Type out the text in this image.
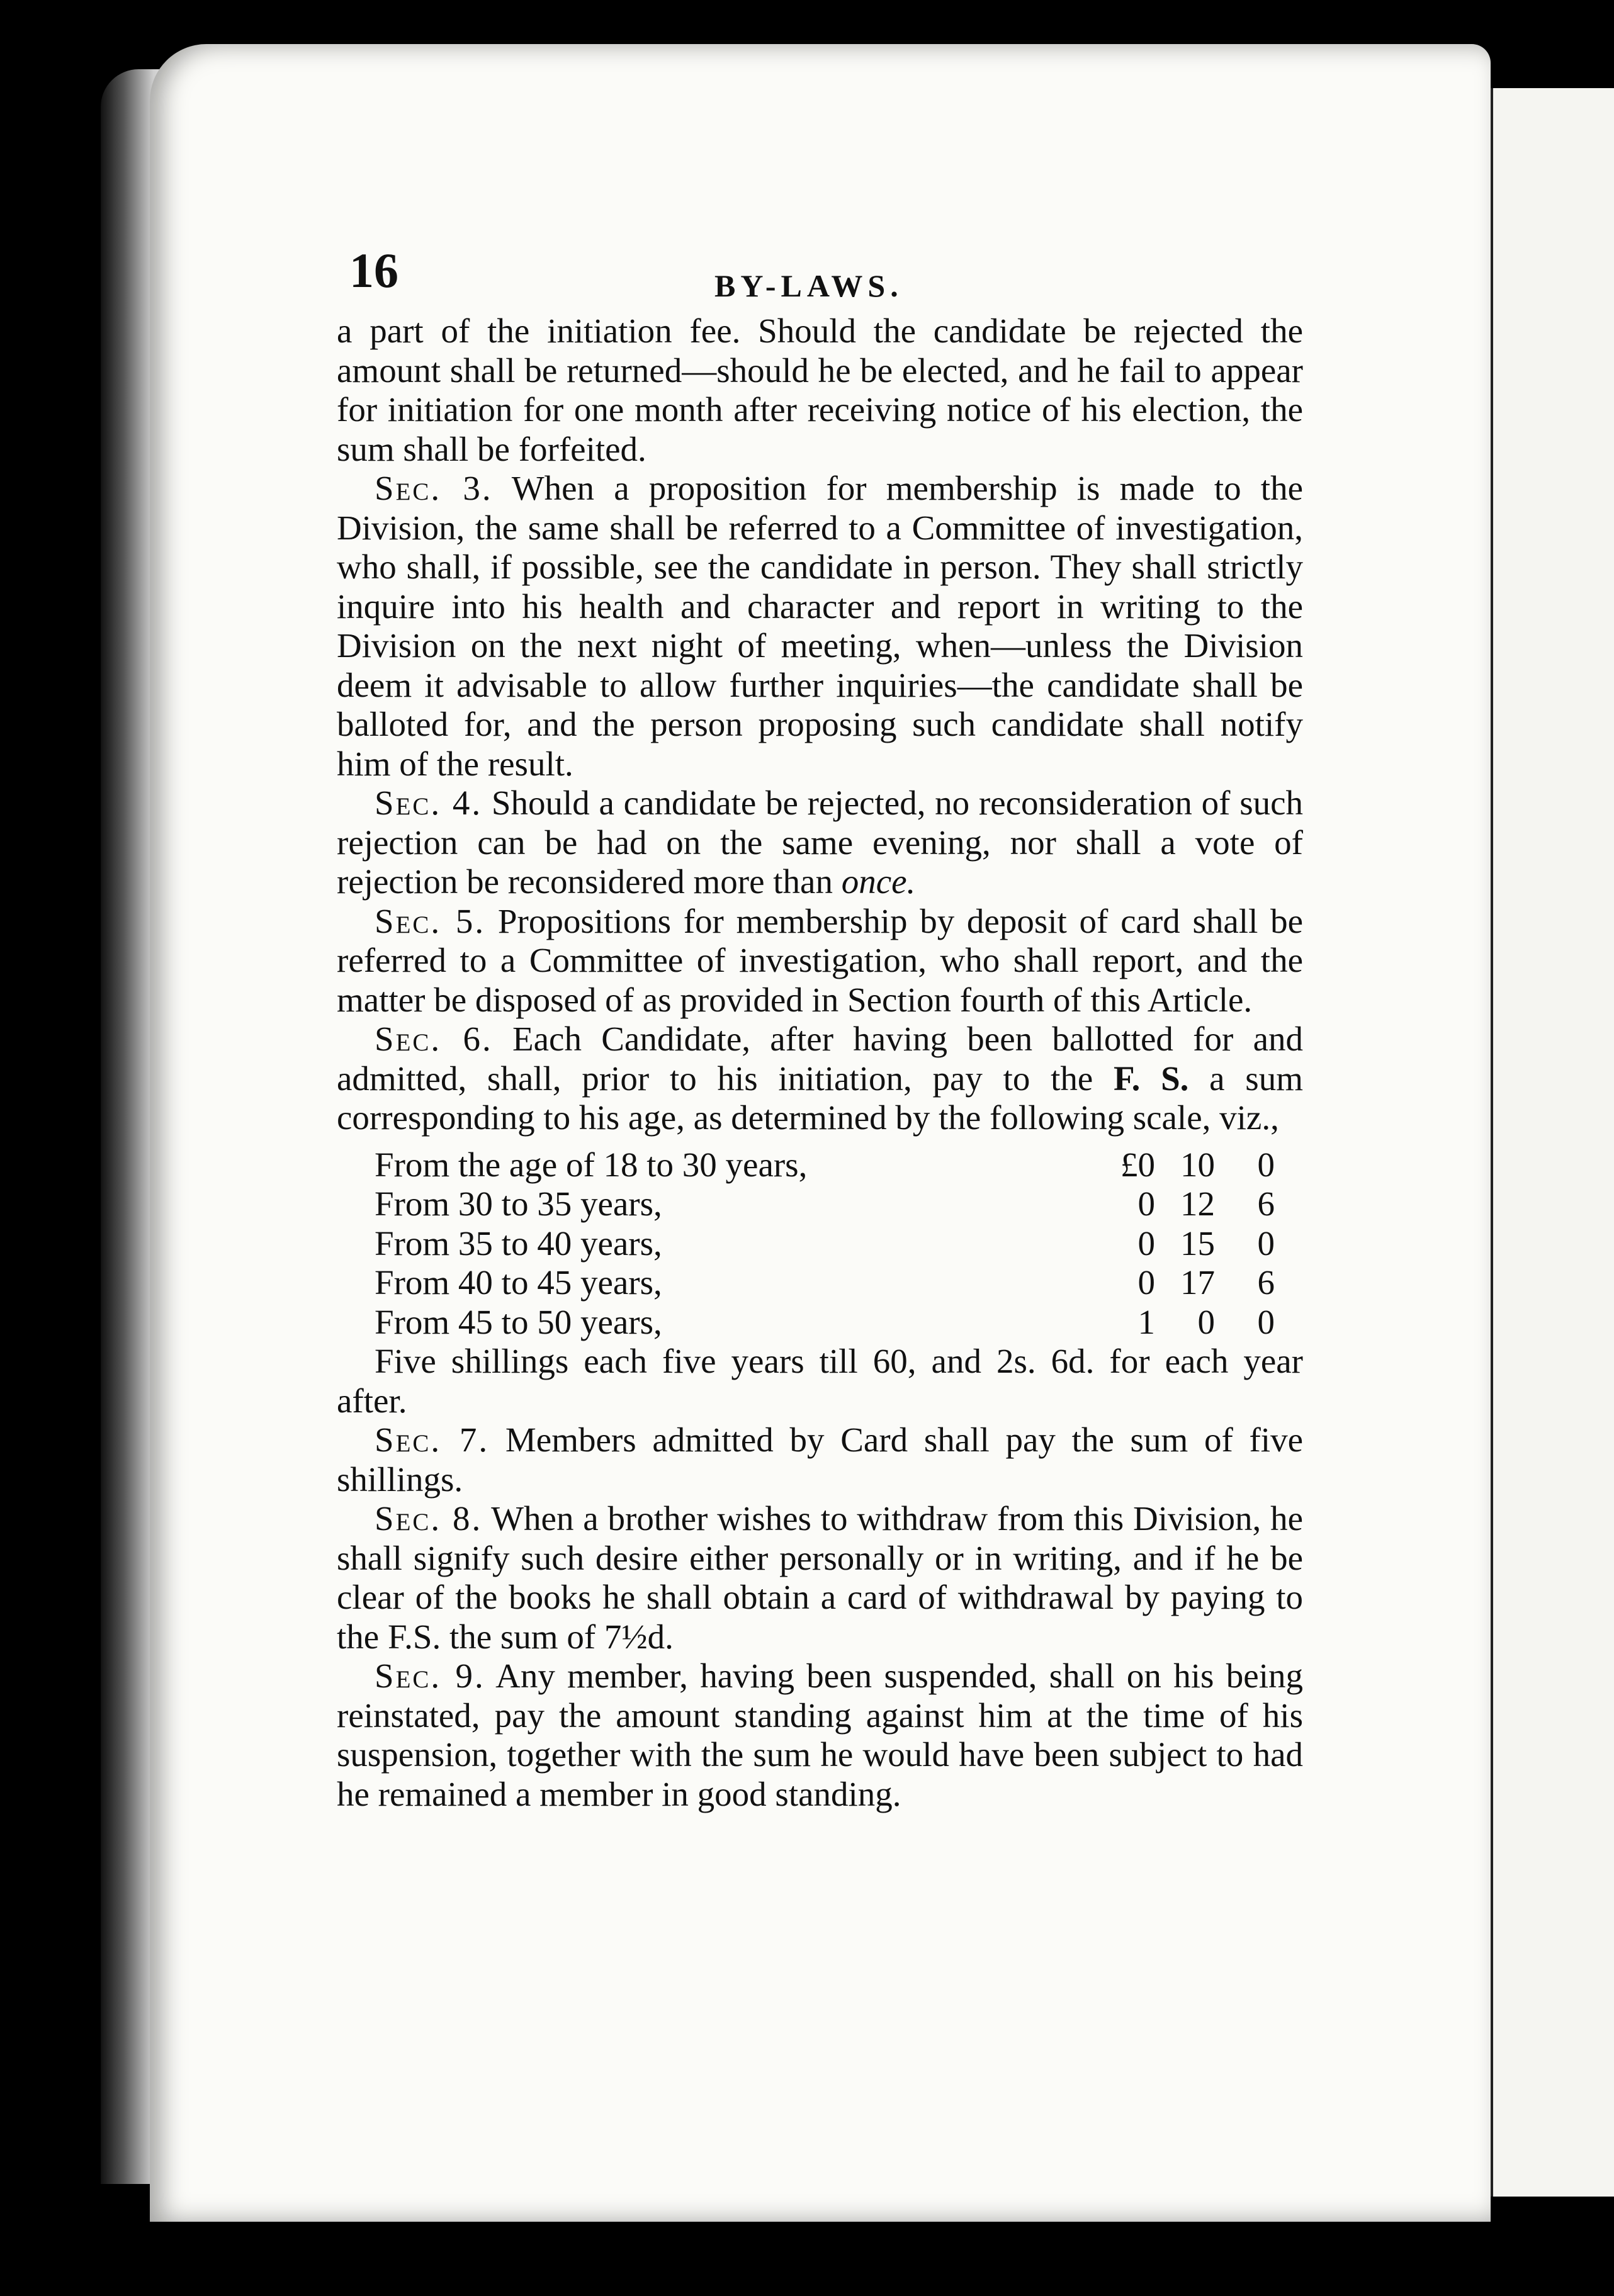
16	BY-LAWS.

a part of the initiation fee. Should the candidate be rejected the amount shall be returned—should he be elected, and he fail to appear for initiation for one month after receiving notice of his election, the sum shall be forfeited.

Sec. 3. When a proposition for membership is made to the Division, the same shall be referred to a Committee of investigation, who shall, if possible, see the candidate in person. They shall strictly inquire into his health and character and report in writing to the Division on the next night of meeting, when—unless the Division deem it advisable to allow further inquiries—the candidate shall be balloted for, and the person proposing such candidate shall notify him of the result.

Sec. 4. Should a candidate be rejected, no reconsideration of such rejection can be had on the same evening, nor shall a vote of rejection be reconsidered more than once.

Sec. 5. Propositions for membership by deposit of card shall be referred to a Committee of investigation, who shall report, and the matter be disposed of as provided in Section fourth of this Article.

Sec. 6. Each Candidate, after having been ballotted for and admitted, shall, prior to his initiation, pay to the F. S. a sum corresponding to his age, as determined by the following scale, viz.,

From the age of 18 to 30 years,	£0	10	0
From 30 to 35 years,	0	12	6
From 35 to 40 years,	0	15	0
From 40 to 45 years,	0	17	6
From 45 to 50 years,	1	0	0

Five shillings each five years till 60, and 2s. 6d. for each year after.

Sec. 7. Members admitted by Card shall pay the sum of five shillings.

Sec. 8. When a brother wishes to withdraw from this Division, he shall signify such desire either personally or in writing, and if he be clear of the books he shall obtain a card of withdrawal by paying to the F.S. the sum of 7½d.

Sec. 9. Any member, having been suspended, shall on his being reinstated, pay the amount standing against him at the time of his suspension, together with the sum he would have been subject to had he remained a member in good standing.
